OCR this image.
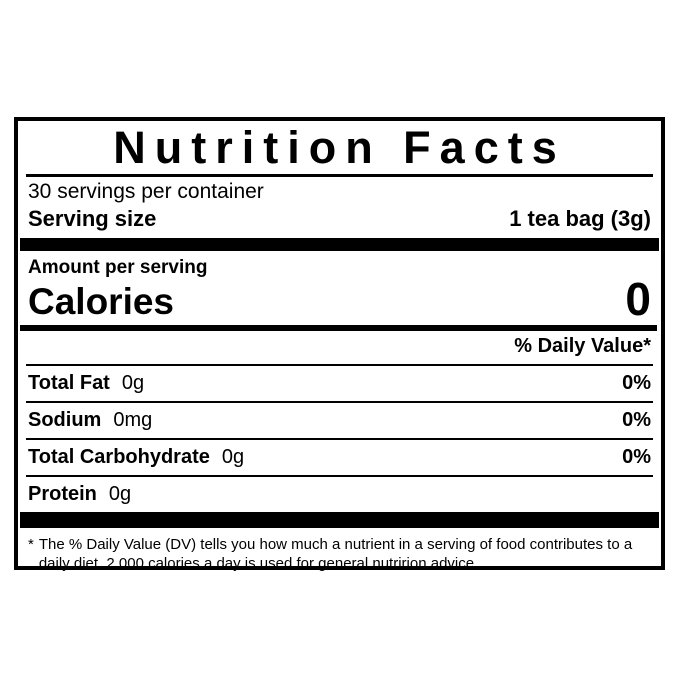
Nutrition Facts
30 servings per container
Serving size	1 tea bag (3g)
Amount per serving
Calories	0
% Daily Value*
Total Fat 0g	0%
Sodium 0mg	0%
Total Carbohydrate 0g	0%
Protein 0g
* The % Daily Value (DV) tells you how much a nutrient in a serving of food contributes to a daily diet. 2,000 calories a day is used for general nutririon advice.
